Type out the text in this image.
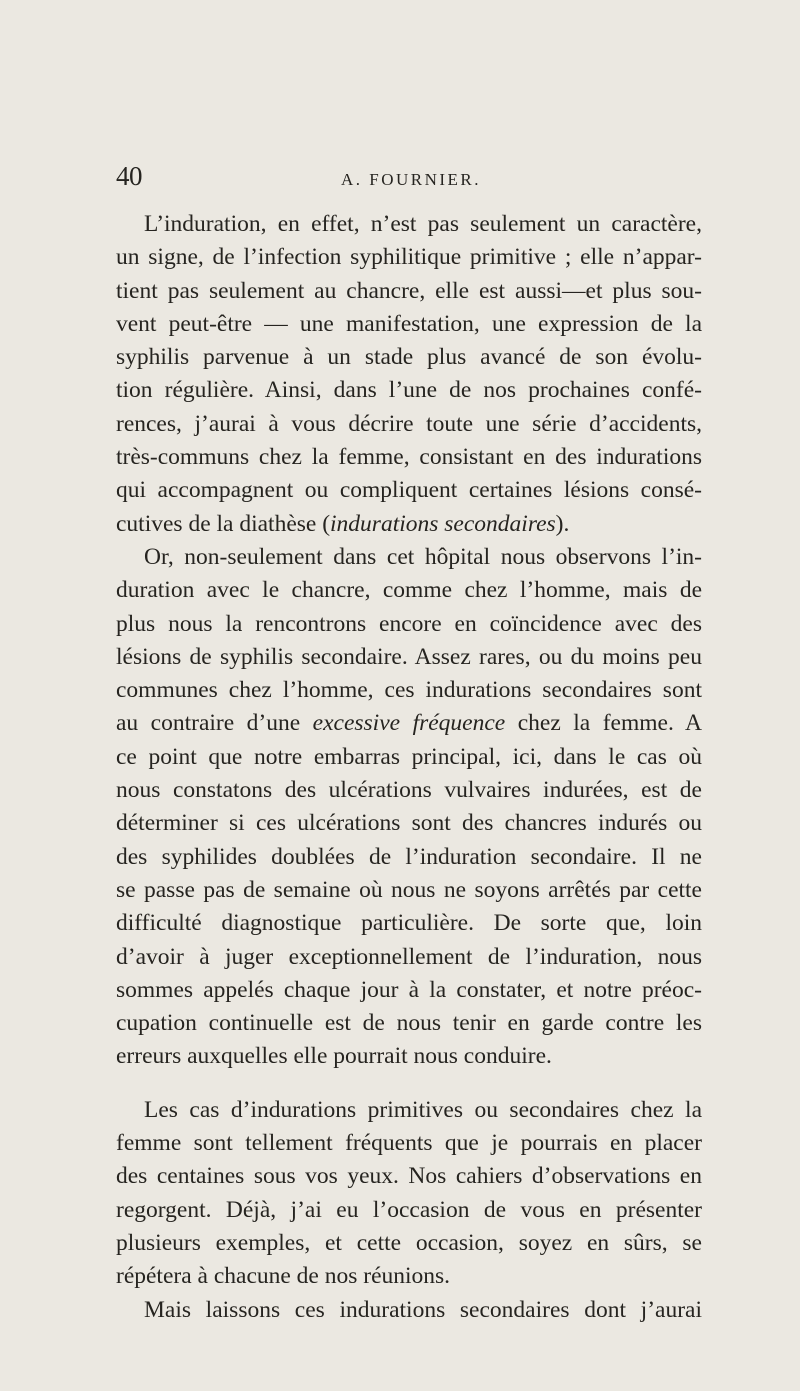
40	A. FOURNIER.
L’induration, en effet, n’est pas seulement un caractère,
un signe, de l’infection syphilitique primitive ; elle n’appar-
tient pas seulement au chancre, elle est aussi—et plus sou-
vent peut-être — une manifestation, une expression de la
syphilis parvenue à un stade plus avancé de son évolu-
tion régulière. Ainsi, dans l’une de nos prochaines confé-
rences, j’aurai à vous décrire toute une série d’accidents,
très-communs chez la femme, consistant en des indurations
qui accompagnent ou compliquent certaines lésions consé-
cutives de la diathèse (indurations secondaires).
Or, non-seulement dans cet hôpital nous observons l’in-
duration avec le chancre, comme chez l’homme, mais de
plus nous la rencontrons encore en coïncidence avec des
lésions de syphilis secondaire. Assez rares, ou du moins peu
communes chez l’homme, ces indurations secondaires sont
au contraire d’une excessive fréquence chez la femme. A
ce point que notre embarras principal, ici, dans le cas où
nous constatons des ulcérations vulvaires indurées, est de
déterminer si ces ulcérations sont des chancres indurés ou
des syphilides doublées de l’induration secondaire. Il ne
se passe pas de semaine où nous ne soyons arrêtés par cette
difficulté diagnostique particulière. De sorte que, loin
d’avoir à juger exceptionnellement de l’induration, nous
sommes appelés chaque jour à la constater, et notre préoc-
cupation continuelle est de nous tenir en garde contre les
erreurs auxquelles elle pourrait nous conduire.
Les cas d’indurations primitives ou secondaires chez la
femme sont tellement fréquents que je pourrais en placer
des centaines sous vos yeux. Nos cahiers d’observations en
regorgent. Déjà, j’ai eu l’occasion de vous en présenter
plusieurs exemples, et cette occasion, soyez en sûrs, se
répétera à chacune de nos réunions.
Mais laissons ces indurations secondaires dont j’aurai
